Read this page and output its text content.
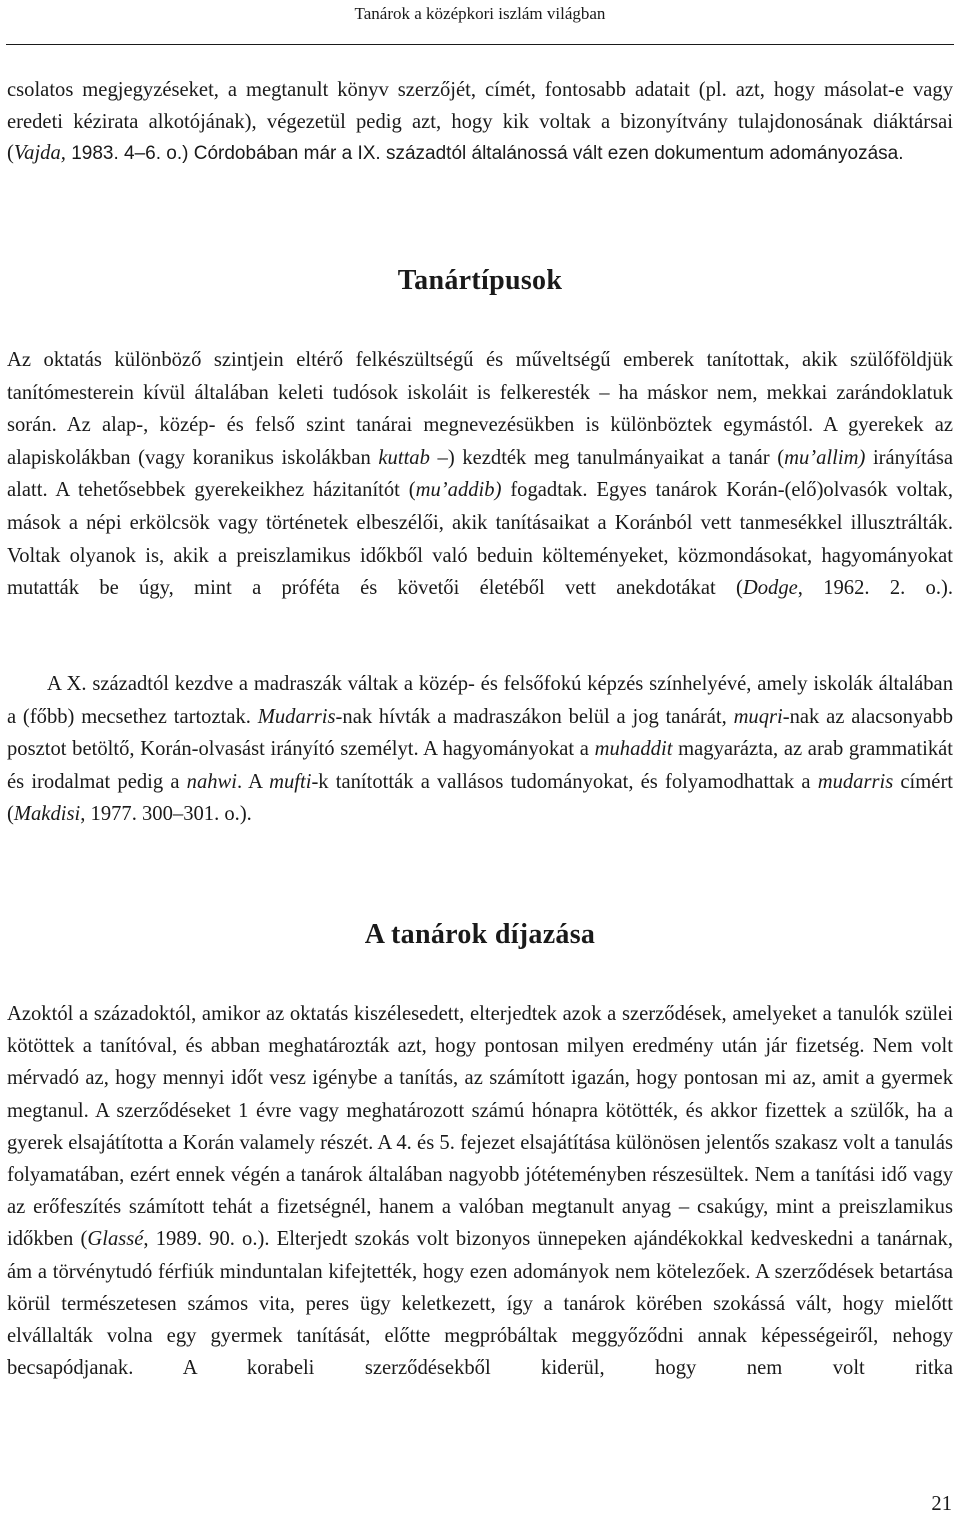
Tanárok a középkori iszlám világban

csolatos megjegyzéseket, a megtanult könyv szerzőjét, címét, fontosabb adatait (pl. azt, hogy másolat-e vagy eredeti kézirata alkotójának), végezetül pedig azt, hogy kik voltak a bizonyítvány tulajdonosának diáktársai (Vajda, 1983. 4–6. o.) Córdobában már a IX. századtól általánossá vált ezen dokumentum adományozása.

Tanártípusok

Az oktatás különböző szintjein eltérő felkészültségű és műveltségű emberek tanítottak, akik szülőföldjük tanítómesterein kívül általában keleti tudósok iskoláit is felkeresték – ha máskor nem, mekkai zarándoklatuk során. Az alap-, közép- és felső szint tanárai megnevezésükben is különböztek egymástól. A gyerekek az alapiskolákban (vagy koranikus iskolákban kuttab –) kezdték meg tanulmányaikat a tanár (mu’allim) irányítása alatt. A tehetősebbek gyerekeikhez házitanítót (mu’addib) fogadtak. Egyes tanárok Korán-(elő)olvasók voltak, mások a népi erkölcsök vagy történetek elbeszélői, akik tanításaikat a Koránból vett tanmesékkel illusztrálták. Voltak olyanok is, akik a preiszlamikus időkből való beduin költeményeket, közmondásokat, hagyományokat mutatták be úgy, mint a próféta és követői életéből vett anekdotákat (Dodge, 1962. 2. o.).

A X. századtól kezdve a madraszák váltak a közép- és felsőfokú képzés színhelyévé, amely iskolák általában a (főbb) mecsethez tartoztak. Mudarris-nak hívták a madraszákon belül a jog tanárát, muqri-nak az alacsonyabb posztot betöltő, Korán-olvasást irányító személyt. A hagyományokat a muhaddit magyarázta, az arab grammatikát és irodalmat pedig a nahwi. A mufti-k tanították a vallásos tudományokat, és folyamodhattak a mudarris címért (Makdisi, 1977. 300–301. o.).

A tanárok díjazása

Azoktól a századoktól, amikor az oktatás kiszélesedett, elterjedtek azok a szerződések, amelyeket a tanulók szülei kötöttek a tanítóval, és abban meghatározták azt, hogy pontosan milyen eredmény után jár fizetség. Nem volt mérvadó az, hogy mennyi időt vesz igénybe a tanítás, az számított igazán, hogy pontosan mi az, amit a gyermek megtanul. A szerződéseket 1 évre vagy meghatározott számú hónapra kötötték, és akkor fizettek a szülők, ha a gyerek elsajátította a Korán valamely részét. A 4. és 5. fejezet elsajátítása különösen jelentős szakasz volt a tanulás folyamatában, ezért ennek végén a tanárok általában nagyobb jótéteményben részesültek. Nem a tanítási idő vagy az erőfeszítés számított tehát a fizetségnél, hanem a valóban megtanult anyag – csakúgy, mint a preiszlamikus időkben (Glassé, 1989. 90. o.). Elterjedt szokás volt bizonyos ünnepeken ajándékokkal kedveskedni a tanárnak, ám a törvénytudó férfiúk minduntalan kifejtették, hogy ezen adományok nem kötelezőek. A szerződések betartása körül természetesen számos vita, peres ügy keletkezett, így a tanárok körében szokássá vált, hogy mielőtt elvállalták volna egy gyermek tanítását, előtte megpróbáltak meggyőződni annak képességeiről, nehogy becsapódjanak. A korabeli szerződésekből kiderül, hogy nem volt ritka

21
